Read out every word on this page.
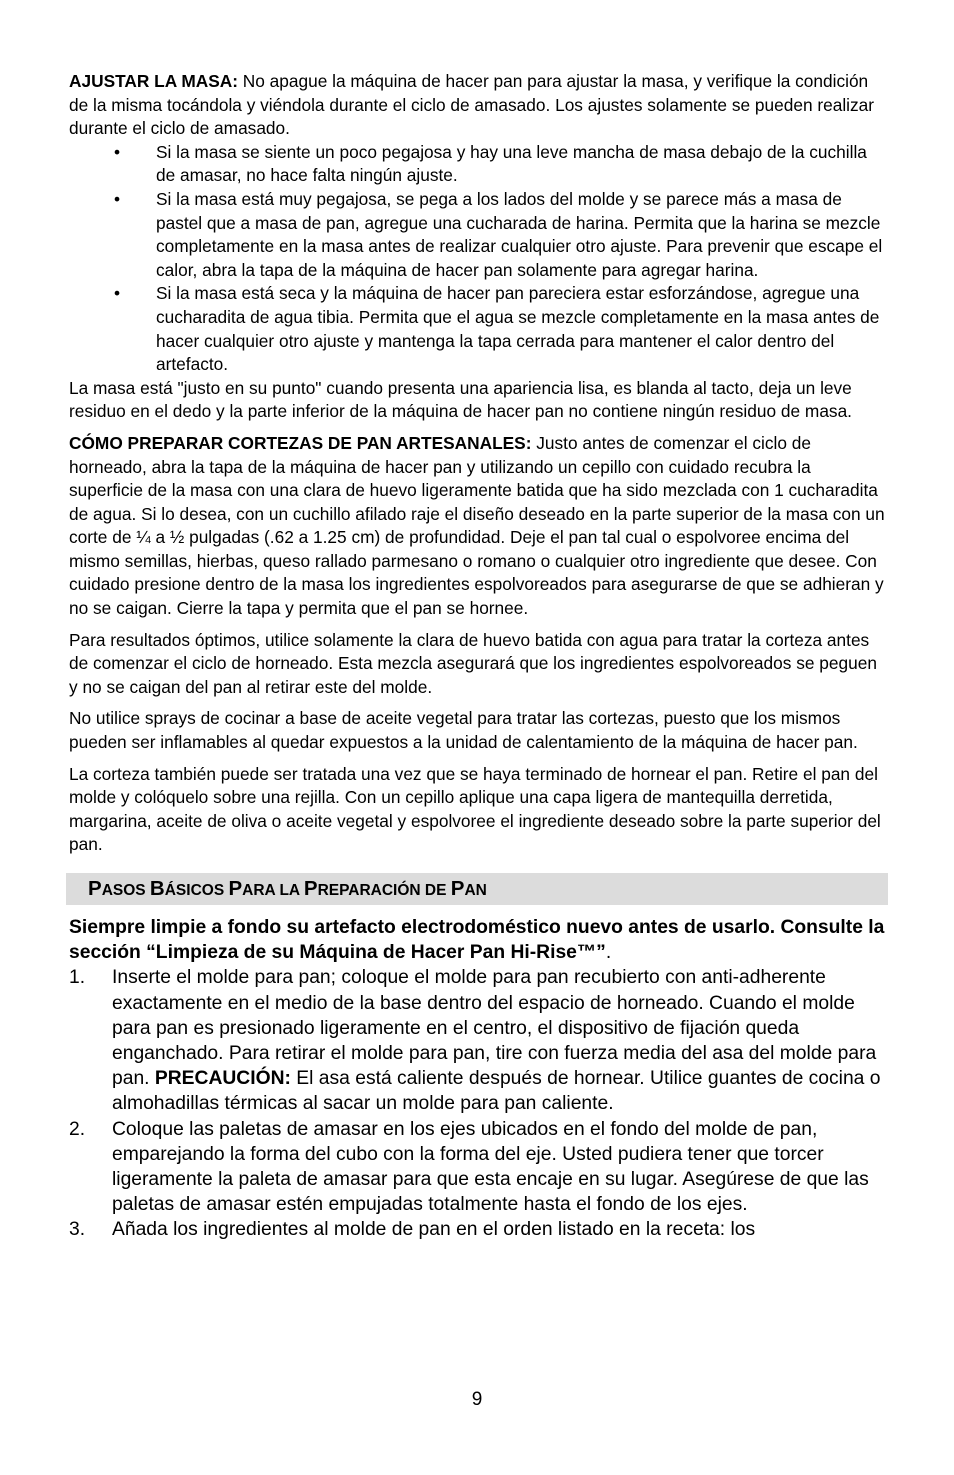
AJUSTAR LA MASA: No apague la máquina de hacer pan para ajustar la masa, y verifique la condición de la misma tocándola y viéndola durante el ciclo de amasado. Los ajustes solamente se pueden realizar durante el ciclo de amasado.

• Si la masa se siente un poco pegajosa y hay una leve mancha de masa debajo de la cuchilla de amasar, no hace falta ningún ajuste.
• Si la masa está muy pegajosa, se pega a los lados del molde y se parece más a masa de pastel que a masa de pan, agregue una cucharada de harina. Permita que la harina se mezcle completamente en la masa antes de realizar cualquier otro ajuste. Para prevenir que escape el calor, abra la tapa de la máquina de hacer pan solamente para agregar harina.
• Si la masa está seca y la máquina de hacer pan pareciera estar esforzándose, agregue una cucharadita de agua tibia. Permita que el agua se mezcle completamente en la masa antes de hacer cualquier otro ajuste y mantenga la tapa cerrada para mantener el calor dentro del artefacto.

La masa está "justo en su punto" cuando presenta una apariencia lisa, es blanda al tacto, deja un leve residuo en el dedo y la parte inferior de la máquina de hacer pan no contiene ningún residuo de masa.

CÓMO PREPARAR CORTEZAS DE PAN ARTESANALES: Justo antes de comenzar el ciclo de horneado, abra la tapa de la máquina de hacer pan y utilizando un cepillo con cuidado recubra la superficie de la masa con una clara de huevo ligeramente batida que ha sido mezclada con 1 cucharadita de agua. Si lo desea, con un cuchillo afilado raje el diseño deseado en la parte superior de la masa con un corte de ¼ a ½ pulgadas (.62 a 1.25 cm) de profundidad. Deje el pan tal cual o espolvoree encima del mismo semillas, hierbas, queso rallado parmesano o romano o cualquier otro ingrediente que desee. Con cuidado presione dentro de la masa los ingredientes espolvoreados para asegurarse de que se adhieran y no se caigan. Cierre la tapa y permita que el pan se hornee.

Para resultados óptimos, utilice solamente la clara de huevo batida con agua para tratar la corteza antes de comenzar el ciclo de horneado. Esta mezcla asegurará que los ingredientes espolvoreados se peguen y no se caigan del pan al retirar este del molde.

No utilice sprays de cocinar a base de aceite vegetal para tratar las cortezas, puesto que los mismos pueden ser inflamables al quedar expuestos a la unidad de calentamiento de la máquina de hacer pan.

La corteza también puede ser tratada una vez que se haya terminado de hornear el pan. Retire el pan del molde y colóquelo sobre una rejilla. Con un cepillo aplique una capa ligera de mantequilla derretida, margarina, aceite de oliva o aceite vegetal y espolvoree el ingrediente deseado sobre la parte superior del pan.

PASOS BÁSICOS PARA LA PREPARACIÓN DE PAN

Siempre limpie a fondo su artefacto electrodoméstico nuevo antes de usarlo. Consulte la sección “Limpieza de su Máquina de Hacer Pan Hi-Rise™”.

1. Inserte el molde para pan; coloque el molde para pan recubierto con anti-adherente exactamente en el medio de la base dentro del espacio de horneado. Cuando el molde para pan es presionado ligeramente en el centro, el dispositivo de fijación queda enganchado. Para retirar el molde para pan, tire con fuerza media del asa del molde para pan. PRECAUCIÓN: El asa está caliente después de hornear. Utilice guantes de cocina o almohadillas térmicas al sacar un molde para pan caliente.
2. Coloque las paletas de amasar en los ejes ubicados en el fondo del molde de pan, emparejando la forma del cubo con la forma del eje. Usted pudiera tener que torcer ligeramente la paleta de amasar para que esta encaje en su lugar. Asegúrese de que las paletas de amasar estén empujadas totalmente hasta el fondo de los ejes.
3. Añada los ingredientes al molde de pan en el orden listado en la receta: los
9
